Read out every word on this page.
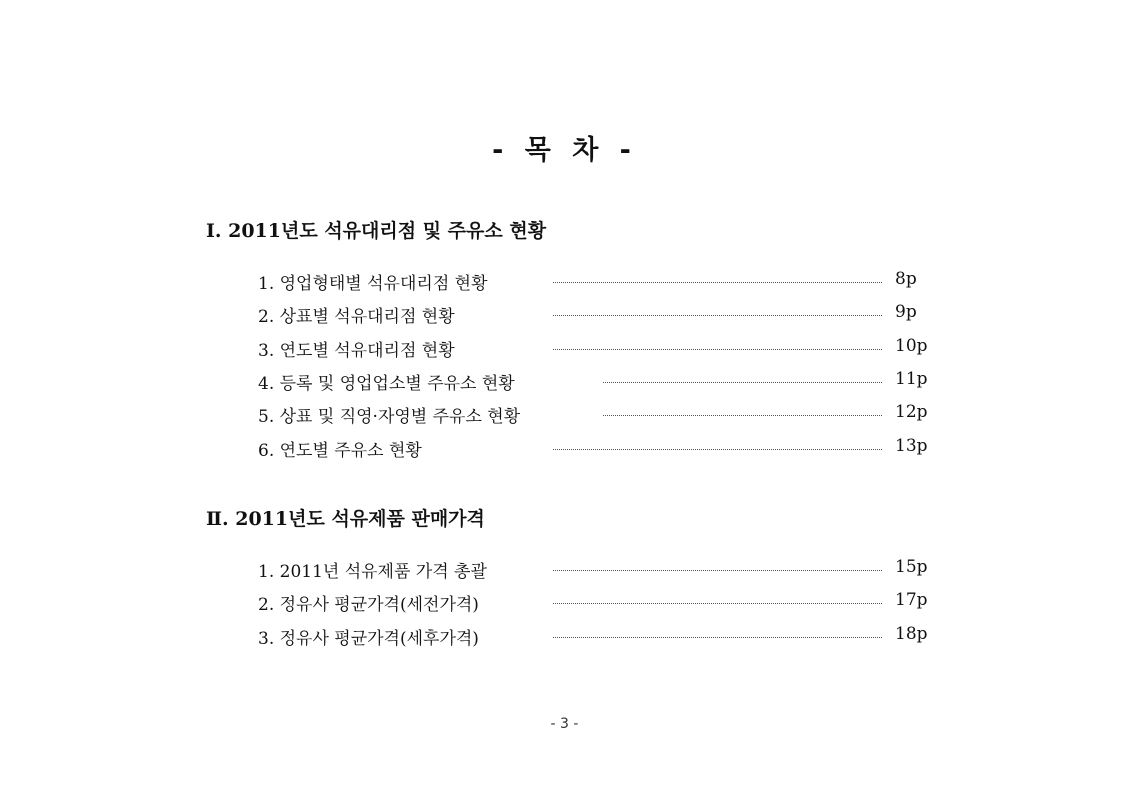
- 목 차 -
Ⅰ. 2011년도 석유대리점 및 주유소 현황
1. 영업형태별 석유대리점 현황	8p
2. 상표별 석유대리점 현황	9p
3. 연도별 석유대리점 현황	10p
4. 등록 및 영업업소별 주유소 현황	11p
5. 상표 및 직영·자영별 주유소 현황	12p
6. 연도별 주유소 현황	13p
Ⅱ. 2011년도 석유제품 판매가격
1. 2011년 석유제품 가격 총괄	15p
2. 정유사 평균가격(세전가격)	17p
3. 정유사 평균가격(세후가격)	18p
- 3 -
